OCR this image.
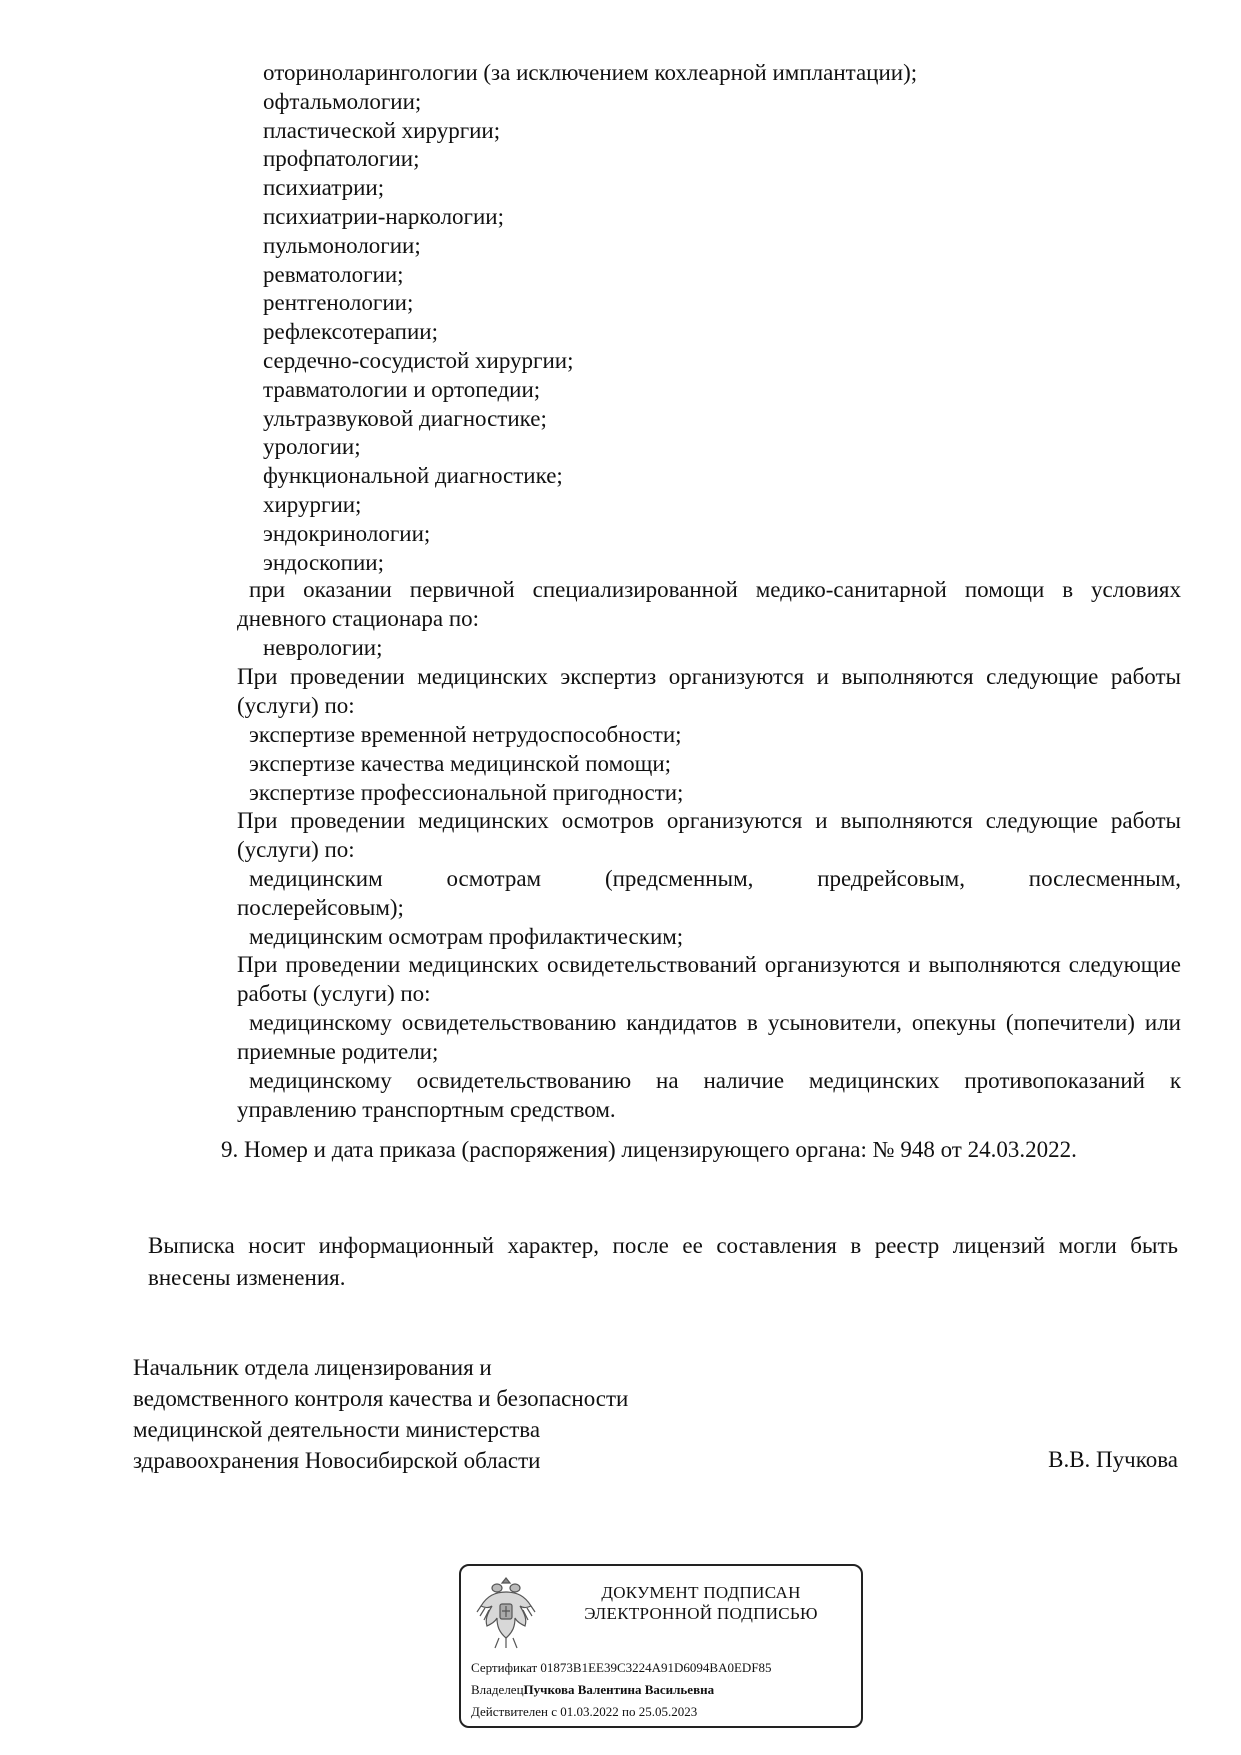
оториноларингологии (за исключением кохлеарной имплантации);
офтальмологии;
пластической хирургии;
профпатологии;
психиатрии;
психиатрии-наркологии;
пульмонологии;
ревматологии;
рентгенологии;
рефлексотерапии;
сердечно-сосудистой хирургии;
травматологии и ортопедии;
ультразвуковой диагностике;
урологии;
функциональной диагностике;
хирургии;
эндокринологии;
эндоскопии;
при оказании первичной специализированной медико-санитарной помощи в условиях дневного стационара по:
неврологии;
При проведении медицинских экспертиз организуются и выполняются следующие работы (услуги) по:
экспертизе временной нетрудоспособности;
экспертизе качества медицинской помощи;
экспертизе профессиональной пригодности;
При проведении медицинских осмотров организуются и выполняются следующие работы (услуги) по:
медицинским	осмотрам	(предсменным,	предрейсовым,	послесменным,
послерейсовым);
медицинским осмотрам профилактическим;
При проведении медицинских освидетельствований организуются и выполняются следующие работы (услуги) по:
медицинскому освидетельствованию кандидатов в усыновители, опекуны (попечители) или приемные родители;
медицинскому освидетельствованию на наличие медицинских противопоказаний к управлению транспортным средством.
9. Номер и дата приказа (распоряжения) лицензирующего органа: № 948 от 24.03.2022.
Выписка носит информационный характер, после ее составления в реестр лицензий могли быть внесены изменения.
Начальник отдела лицензирования и
ведомственного контроля качества и безопасности
медицинской деятельности министерства
здравоохранения Новосибирской области	В.В. Пучкова
ДОКУМЕНТ ПОДПИСАН
ЭЛЕКТРОННОЙ ПОДПИСЬЮ
Сертификат 01873B1EE39C3224A91D6094BA0EDF85
ВладелецПучкова Валентина Васильевна
Действителен с 01.03.2022 по 25.05.2023
